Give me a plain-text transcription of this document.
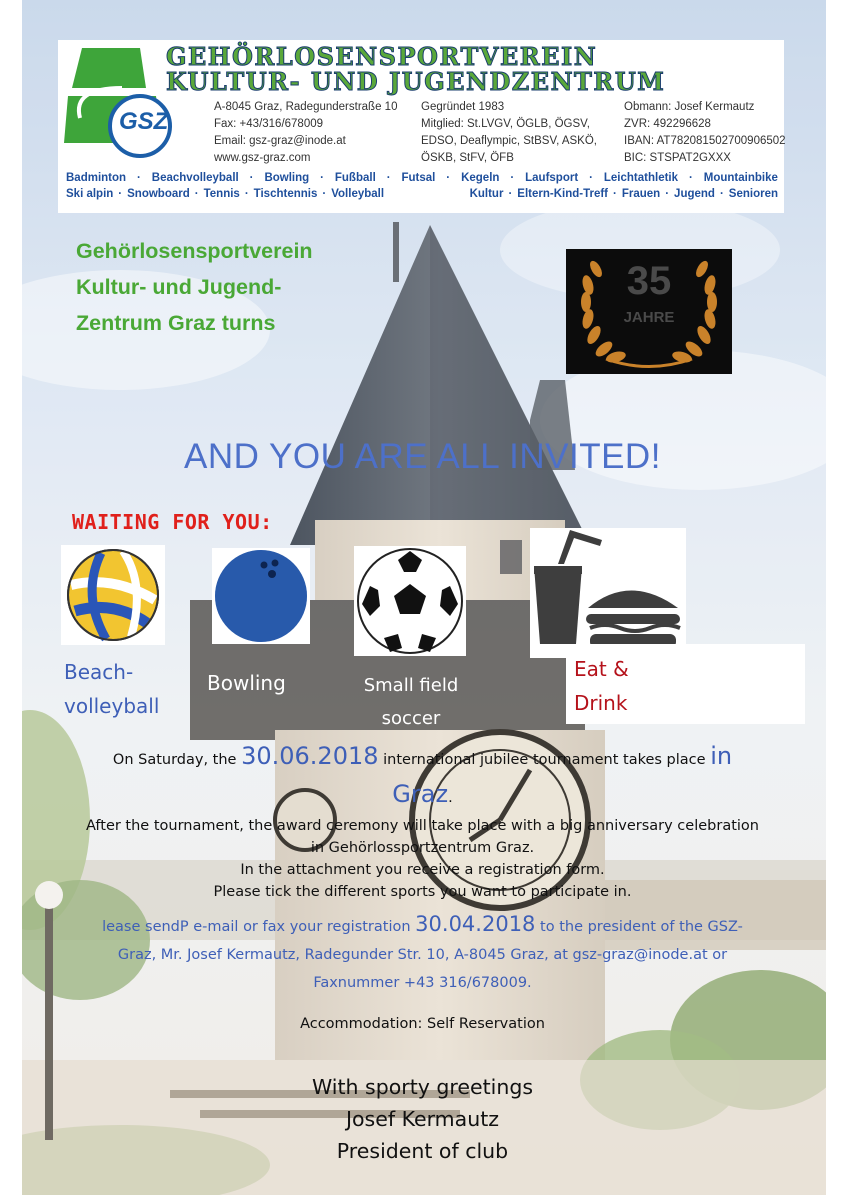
GSZ
GEHÖRLOSENSPORTVEREIN
KULTUR- UND JUGENDZENTRUM
A-8045 Graz, Radegunderstraße 10
Fax: +43/316/678009
Email: gsz-graz@inode.at
www.gsz-graz.com
Gegründet 1983
Mitglied: St.LVGV, ÖGLB, ÖGSV,
EDSO, Deaflympic, StBSV, ASKÖ,
ÖSKB, StFV, ÖFB
Obmann: Josef Kermautz
ZVR: 492296628
IBAN: AT782081502700906502
BIC: STSPAT2GXXX
Badminton · Beachvolleyball · Bowling · Fußball · Futsal · Kegeln · Laufsport · Leichtathletik · Mountainbike
Ski alpin · Snowboard · Tennis · Tischtennis · Volleyball	Kultur · Eltern-Kind-Treff · Frauen · Jugend · Senioren
Gehörlosensportverein
Kultur- und Jugend-
Zentrum Graz turns
35
JAHRE
AND YOU ARE ALL INVITED!
WAITING FOR YOU:
Beach-
volleyball
Bowling	Small field
soccer
Eat &
Drink
On Saturday, the 30.06.2018 international jubilee tournament takes place in
Graz.
After the tournament, the award ceremony will take place with a big anniversary celebration
in Gehörlossportzentrum Graz.
In the attachment you receive a registration form.
Please tick the different sports you want to participate in.
lease sendP e-mail or fax your registration 30.04.2018 to the president of the GSZ-
Graz, Mr. Josef Kermautz, Radegunder Str. 10, A-8045 Graz, at gsz-graz@inode.at or
Faxnummer +43 316/678009.
Accommodation: Self Reservation
With sporty greetings
Josef Kermautz
President of club
